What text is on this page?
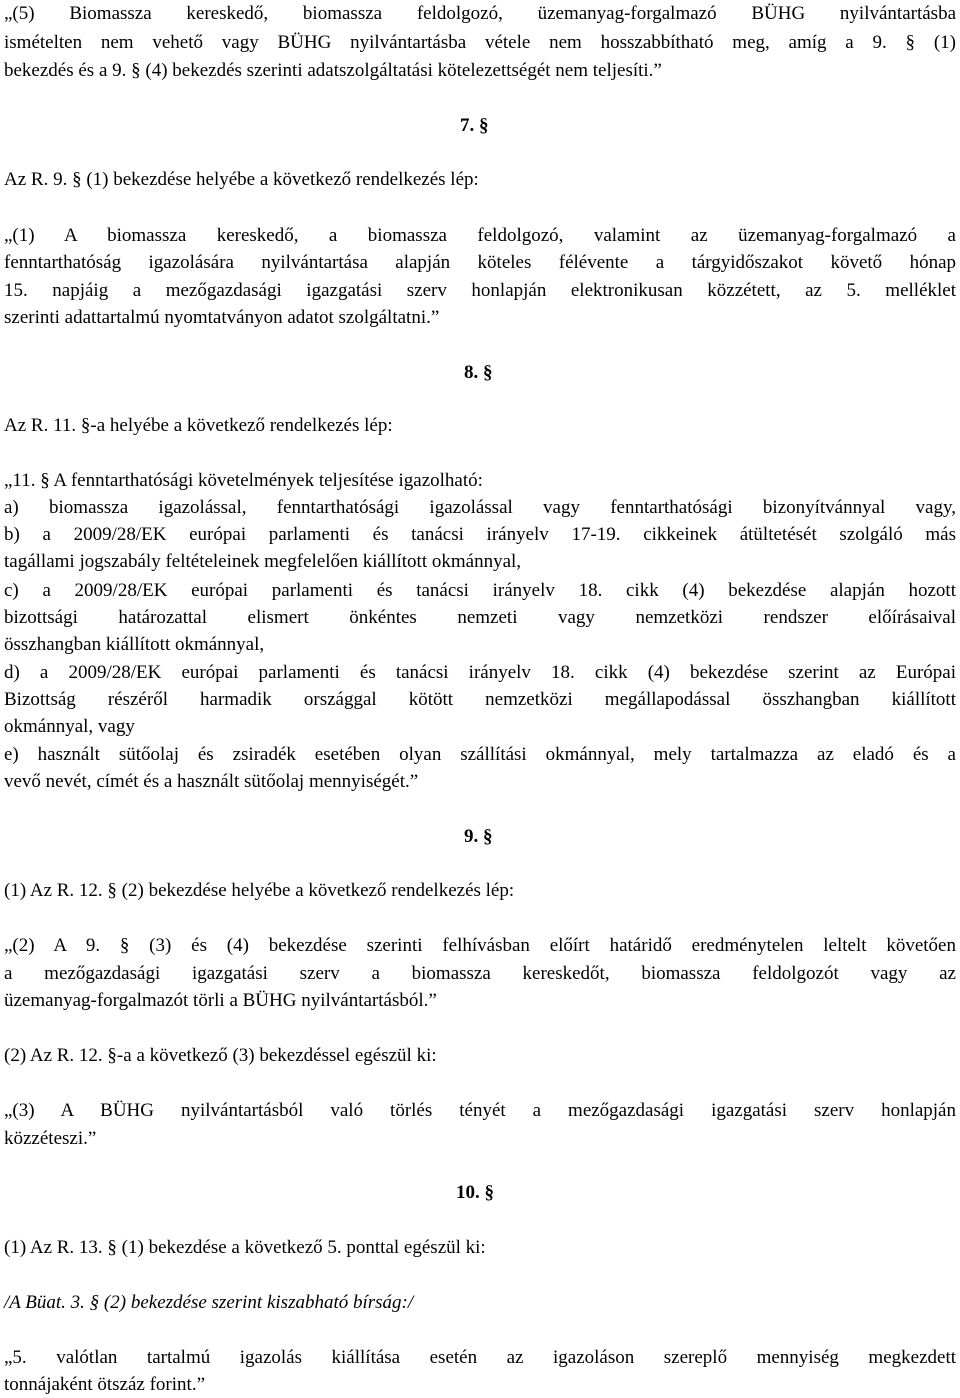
„(5) Biomassza kereskedő, biomassza feldolgozó, üzemanyag-forgalmazó BÜHG nyilvántartásba
ismételten nem vehető vagy BÜHG nyilvántartásba vétele nem hosszabbítható meg, amíg a 9. § (1)
bekezdés és a 9. § (4) bekezdés szerinti adatszolgáltatási kötelezettségét nem teljesíti.”
7. §
Az R. 9. § (1) bekezdése helyébe a következő rendelkezés lép:
„(1) A biomassza kereskedő, a biomassza feldolgozó, valamint az üzemanyag-forgalmazó a
fenntarthatóság igazolására nyilvántartása alapján köteles félévente a tárgyidőszakot követő hónap
15. napjáig a mezőgazdasági igazgatási szerv honlapján elektronikusan közzétett, az 5. melléklet
szerinti adattartalmú nyomtatványon adatot szolgáltatni.”
8. §
Az R. 11. §-a helyébe a következő rendelkezés lép:
„11. § A fenntarthatósági követelmények teljesítése igazolható:
a) biomassza igazolással, fenntarthatósági igazolással vagy fenntarthatósági bizonyítvánnyal vagy,
b) a 2009/28/EK európai parlamenti és tanácsi irányelv 17-19. cikkeinek átültetését szolgáló más
tagállami jogszabály feltételeinek megfelelően kiállított okmánnyal,
c) a 2009/28/EK európai parlamenti és tanácsi irányelv 18. cikk (4) bekezdése alapján hozott
bizottsági határozattal elismert önkéntes nemzeti vagy nemzetközi rendszer előírásaival
összhangban kiállított okmánnyal,
d) a 2009/28/EK európai parlamenti és tanácsi irányelv 18. cikk (4) bekezdése szerint az Európai
Bizottság részéről harmadik országgal kötött nemzetközi megállapodással összhangban kiállított
okmánnyal, vagy
e) használt sütőolaj és zsiradék esetében olyan szállítási okmánnyal, mely tartalmazza az eladó és a
vevő nevét, címét és a használt sütőolaj mennyiségét.”
9. §
(1) Az R. 12. § (2) bekezdése helyébe a következő rendelkezés lép:
„(2) A 9. § (3) és (4) bekezdése szerinti felhívásban előírt határidő eredménytelen leltelt követően
a mezőgazdasági igazgatási szerv a biomassza kereskedőt, biomassza feldolgozót vagy az
üzemanyag-forgalmazót törli a BÜHG nyilvántartásból.”
(2) Az R. 12. §-a a következő (3) bekezdéssel egészül ki:
„(3) A BÜHG nyilvántartásból való törlés tényét a mezőgazdasági igazgatási szerv honlapján
közzéteszi.”
10. §
(1) Az R. 13. § (1) bekezdése a következő 5. ponttal egészül ki:
/A Büat. 3. § (2) bekezdése szerint kiszabható bírság:/
„5. valótlan tartalmú igazolás kiállítása esetén az igazoláson szereplő mennyiség megkezdett
tonnájaként ötszáz forint.”
